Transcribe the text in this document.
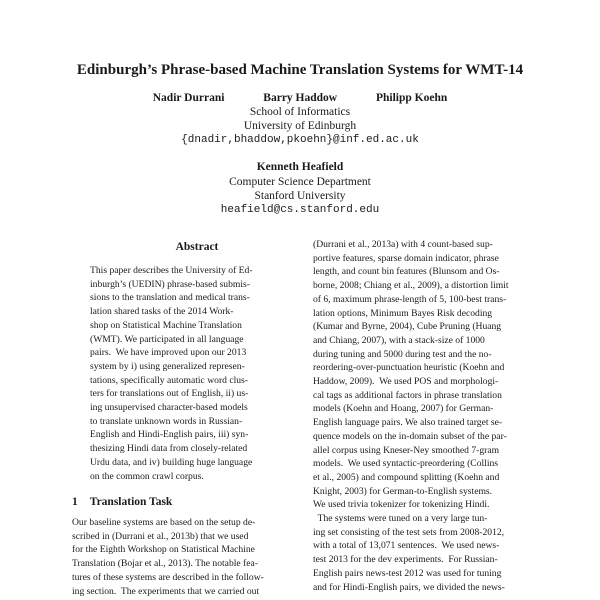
Edinburgh’s Phrase-based Machine Translation Systems for WMT-14
Nadir Durrani	Barry Haddow	Philipp Koehn
School of Informatics
University of Edinburgh
{dnadir,bhaddow,pkoehn}@inf.ed.ac.uk
Kenneth Heafield
Computer Science Department
Stanford University
heafield@cs.stanford.edu
Abstract
This paper describes the University of Ed-
inburgh’s (UEDIN) phrase-based submis-
sions to the translation and medical trans-
lation shared tasks of the 2014 Work-
shop on Statistical Machine Translation
(WMT). We participated in all language
pairs.  We have improved upon our 2013
system by i) using generalized represen-
tations, specifically automatic word clus-
ters for translations out of English, ii) us-
ing unsupervised character-based models
to translate unknown words in Russian-
English and Hindi-English pairs, iii) syn-
thesizing Hindi data from closely-related
Urdu data, and iv) building huge language
on the common crawl corpus.
1 Translation Task
Our baseline systems are based on the setup de-
scribed in (Durrani et al., 2013b) that we used
for the Eighth Workshop on Statistical Machine
Translation (Bojar et al., 2013). The notable fea-
tures of these systems are described in the follow-
ing section.  The experiments that we carried out
(Durrani et al., 2013a) with 4 count-based sup-
portive features, sparse domain indicator, phrase
length, and count bin features (Blunsom and Os-
borne, 2008; Chiang et al., 2009), a distortion limit
of 6, maximum phrase-length of 5, 100-best trans-
lation options, Minimum Bayes Risk decoding
(Kumar and Byrne, 2004), Cube Pruning (Huang
and Chiang, 2007), with a stack-size of 1000
during tuning and 5000 during test and the no-
reordering-over-punctuation heuristic (Koehn and
Haddow, 2009).  We used POS and morphologi-
cal tags as additional factors in phrase translation
models (Koehn and Hoang, 2007) for German-
English language pairs. We also trained target se-
quence models on the in-domain subset of the par-
allel corpus using Kneser-Ney smoothed 7-gram
models.  We used syntactic-preordering (Collins
et al., 2005) and compound splitting (Koehn and
Knight, 2003) for German-to-English systems.
We used trivia tokenizer for tokenizing Hindi.
The systems were tuned on a very large tun-
ing set consisting of the test sets from 2008-2012,
with a total of 13,071 sentences.  We used news-
test 2013 for the dev experiments.  For Russian-
English pairs news-test 2012 was used for tuning
and for Hindi-English pairs, we divided the news-
